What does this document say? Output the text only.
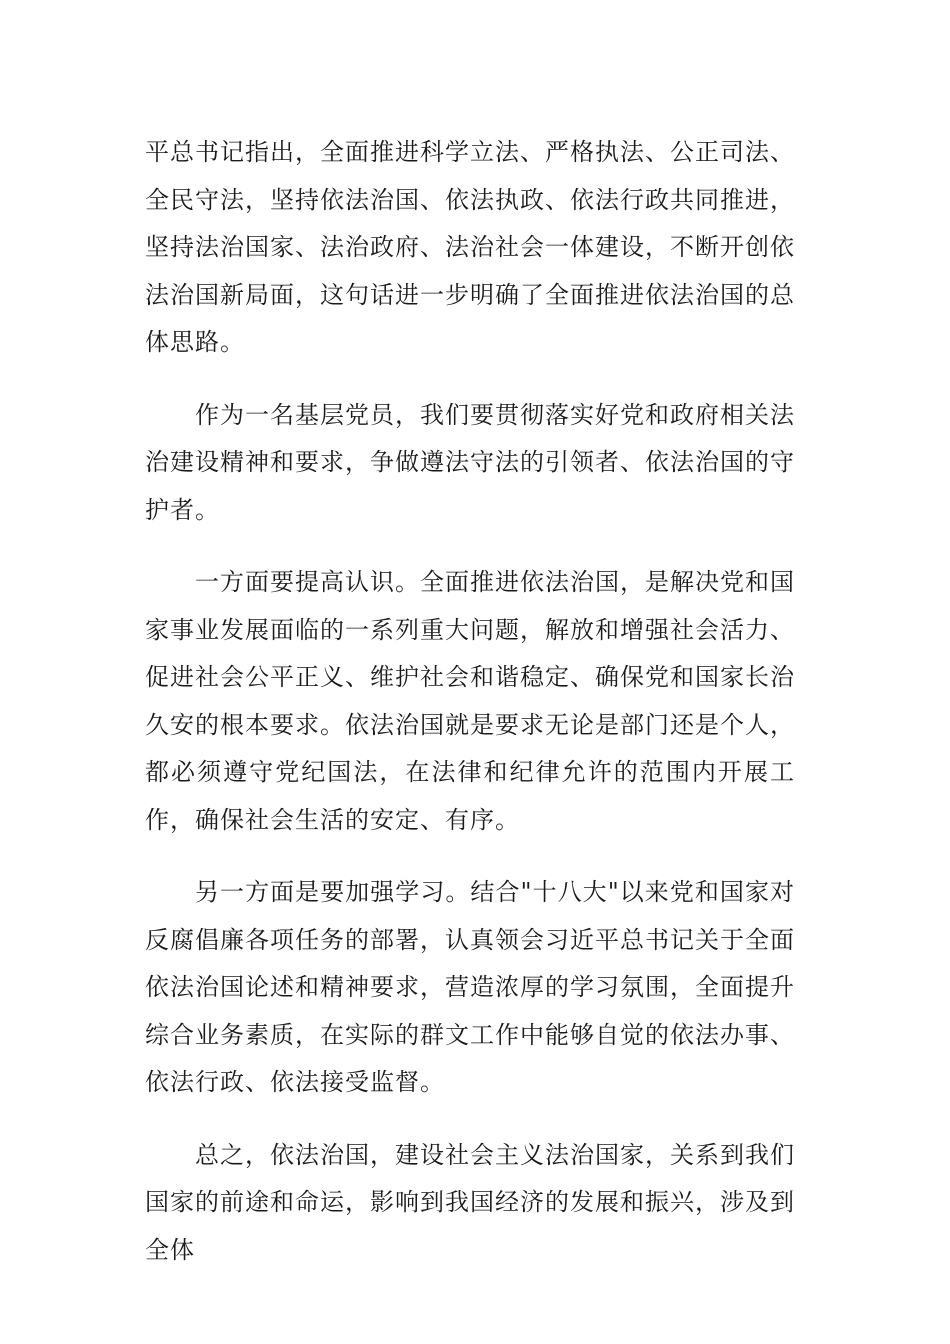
平总书记指出，全面推进科学立法、严格执法、公正司法、全民守法，坚持依法治国、依法执政、依法行政共同推进，坚持法治国家、法治政府、法治社会一体建设，不断开创依法治国新局面，这句话进一步明确了全面推进依法治国的总体思路。

作为一名基层党员，我们要贯彻落实好党和政府相关法治建设精神和要求，争做遵法守法的引领者、依法治国的守护者。

一方面要提高认识。全面推进依法治国，是解决党和国家事业发展面临的一系列重大问题，解放和增强社会活力、促进社会公平正义、维护社会和谐稳定、确保党和国家长治久安的根本要求。依法治国就是要求无论是部门还是个人，都必须遵守党纪国法，在法律和纪律允许的范围内开展工作，确保社会生活的安定、有序。

另一方面是要加强学习。结合"十八大"以来党和国家对反腐倡廉各项任务的部署，认真领会习近平总书记关于全面依法治国论述和精神要求，营造浓厚的学习氛围，全面提升综合业务素质，在实际的群文工作中能够自觉的依法办事、依法行政、依法接受监督。

总之，依法治国，建设社会主义法治国家，关系到我们国家的前途和命运，影响到我国经济的发展和振兴，涉及到全体
